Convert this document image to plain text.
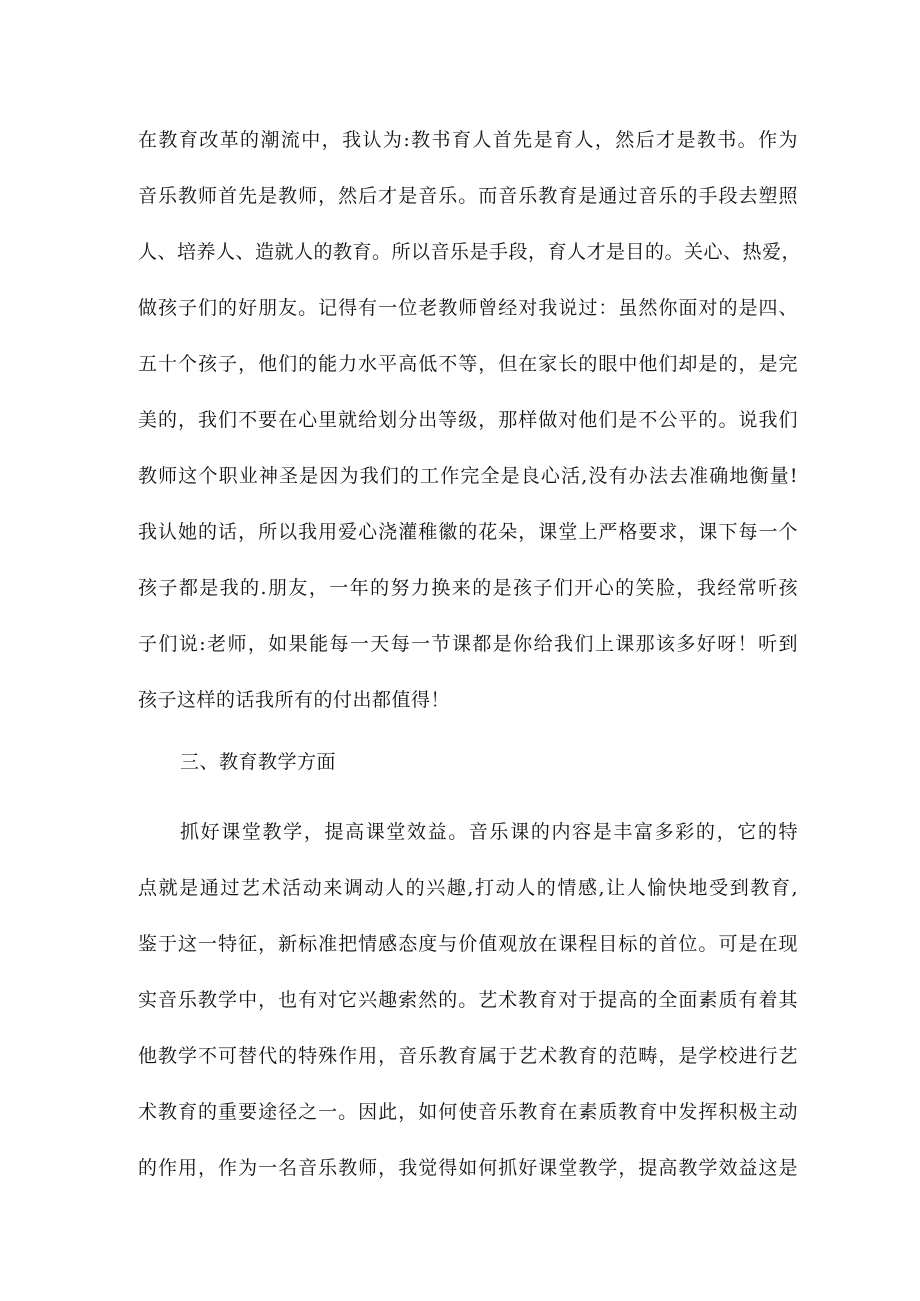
在教育改革的潮流中，我认为:教书育人首先是育人，然后才是教书。作为
音乐教师首先是教师，然后才是音乐。而音乐教育是通过音乐的手段去塑照
人、培养人、造就人的教育。所以音乐是手段，育人才是目的。关心、热爱，
做孩子们的好朋友。记得有一位老教师曾经对我说过：虽然你面对的是四、
五十个孩子，他们的能力水平高低不等，但在家长的眼中他们却是的，是完
美的，我们不要在心里就给划分出等级，那样做对他们是不公平的。说我们
教师这个职业神圣是因为我们的工作完全是良心活,没有办法去准确地衡量!
我认她的话，所以我用爱心浇灌稚徽的花朵，课堂上严格要求，课下每一个
孩子都是我的.朋友，一年的努力换来的是孩子们开心的笑脸，我经常听孩
子们说:老师，如果能每一天每一节课都是你给我们上课那该多好呀！听到
孩子这样的话我所有的付出都值得！
三、教育教学方面
抓好课堂教学，提高课堂效益。音乐课的内容是丰富多彩的，它的特
点就是通过艺术活动来调动人的兴趣,打动人的情感,让人愉快地受到教育,
鉴于这一特征，新标准把情感态度与价值观放在课程目标的首位。可是在现
实音乐教学中，也有对它兴趣索然的。艺术教育对于提高的全面素质有着其
他教学不可替代的特殊作用，音乐教育属于艺术教育的范畴，是学校进行艺
术教育的重要途径之一。因此，如何使音乐教育在素质教育中发挥积极主动
的作用，作为一名音乐教师，我觉得如何抓好课堂教学，提高教学效益这是
